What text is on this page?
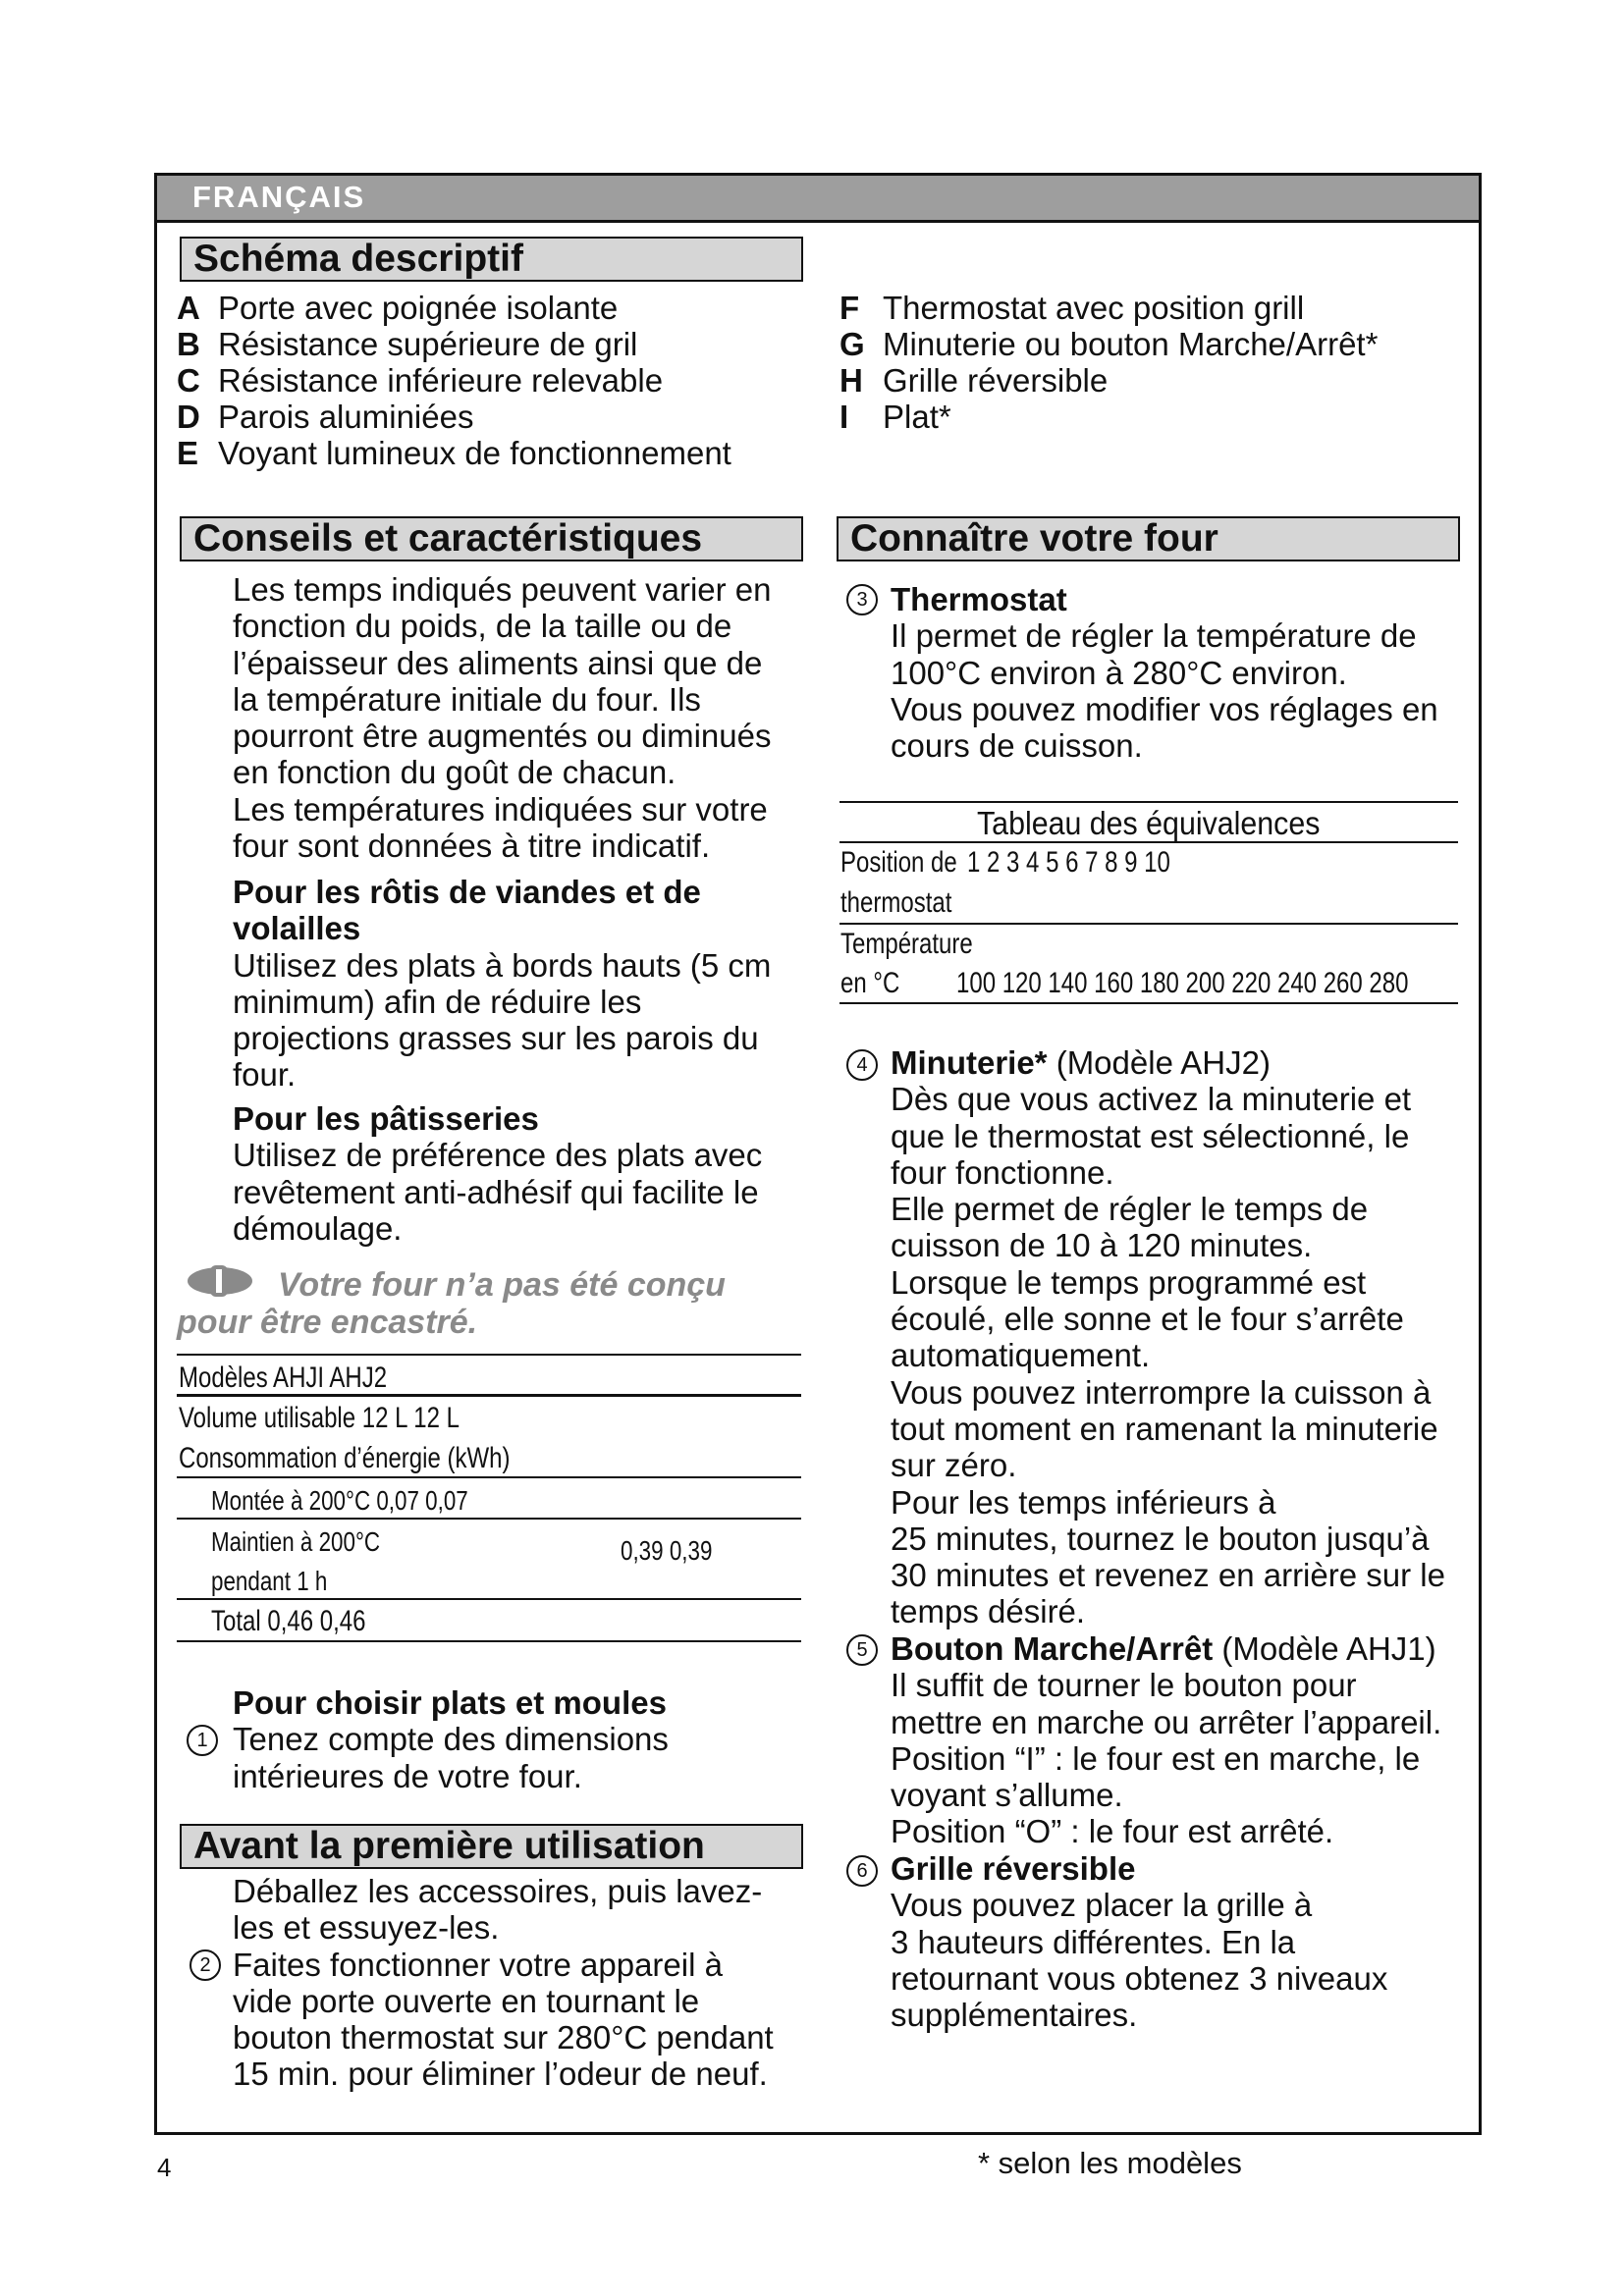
FRANÇAIS
Schéma descriptif
A Porte avec poignée isolante
B Résistance supérieure de gril
C Résistance inférieure relevable
D Parois aluminiées
E Voyant lumineux de fonctionnement
F Thermostat avec position grill
G Minuterie ou bouton Marche/Arrêt*
H Grille réversible
I Plat*
Conseils et caractéristiques

Les temps indiqués peuvent varier en

fonction du poids, de la taille ou de

l’épaisseur des aliments ainsi que de

la température initiale du four. Ils

pourront être augmentés ou diminués

en fonction du goût de chacun.

Les températures indiquées sur votre

four sont données à titre indicatif.

Pour les rôtis de viandes et de

volailles

Utilisez des plats à bords hauts (5 cm

minimum) afin de réduire les

projections grasses sur les parois du

four.

Pour les pâtisseries

Utilisez de préférence des plats avec

revêtement anti-adhésif qui facilite le

démoulage.

Votre four n’a pas été conçu
pour être encastré.
Modèles AHJI AHJ2
Volume utilisable 12 L 12 L
Consommation d’énergie (kWh)
Montée à 200°C 0,07 0,07
Maintien à 200°C	0,39 0,39
pendant 1 h
Total 0,46 0,46

Pour choisir plats et moules

Tenez compte des dimensions

intérieures de votre four.

1
Avant la première utilisation

Déballez les accessoires, puis lavez-

les et essuyez-les.

Faites fonctionner votre appareil à

vide porte ouverte en tournant le

bouton thermostat sur 280°C pendant

15 min. pour éliminer l’odeur de neuf.

2
Connaître votre four
3 Thermostat

Il permet de régler la température de

100°C environ à 280°C environ.

Vous pouvez modifier vos réglages en

cours de cuisson.

Tableau des équivalences
Position de 1 2 3 4 5 6 7 8 9 10
thermostat
Température
en °C 100 120 140 160 180 200 220 240 260 280
4 Minuterie* (Modèle AHJ2)

Dès que vous activez la minuterie et

que le thermostat est sélectionné, le

four fonctionne.

Elle permet de régler le temps de

cuisson de 10 à 120 minutes.

Lorsque le temps programmé est

écoulé, elle sonne et le four s’arrête

automatiquement.

Vous pouvez interrompre la cuisson à

tout moment en ramenant la minuterie

sur zéro.

Pour les temps inférieurs à

25 minutes, tournez le bouton jusqu’à

30 minutes et revenez en arrière sur le

temps désiré.

5 Bouton Marche/Arrêt (Modèle AHJ1)

Il suffit de tourner le bouton pour

mettre en marche ou arrêter l’appareil.

Position “I” : le four est en marche, le

voyant s’allume.

Position “O” : le four est arrêté.

6 Grille réversible

Vous pouvez placer la grille à

3 hauteurs différentes. En la

retournant vous obtenez 3 niveaux

supplémentaires.

4	* selon les modèles
